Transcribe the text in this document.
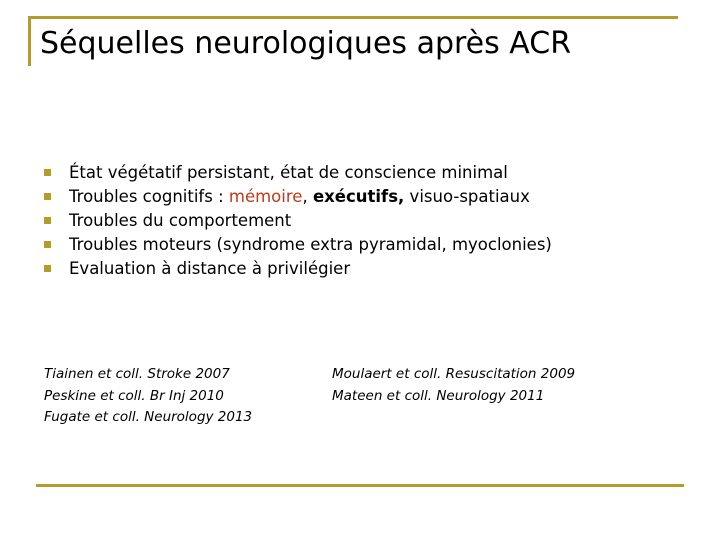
Séquelles neurologiques après ACR
État végétatif persistant, état de conscience minimal
Troubles cognitifs : mémoire, exécutifs, visuo-spatiaux
Troubles du comportement
Troubles moteurs (syndrome extra pyramidal, myoclonies)
Evaluation à distance à privilégier
Tiainen et coll. Stroke 2007
Peskine et coll. Br Inj 2010
Fugate et coll. Neurology 2013
Moulaert et coll. Resuscitation 2009
Mateen et coll. Neurology 2011
